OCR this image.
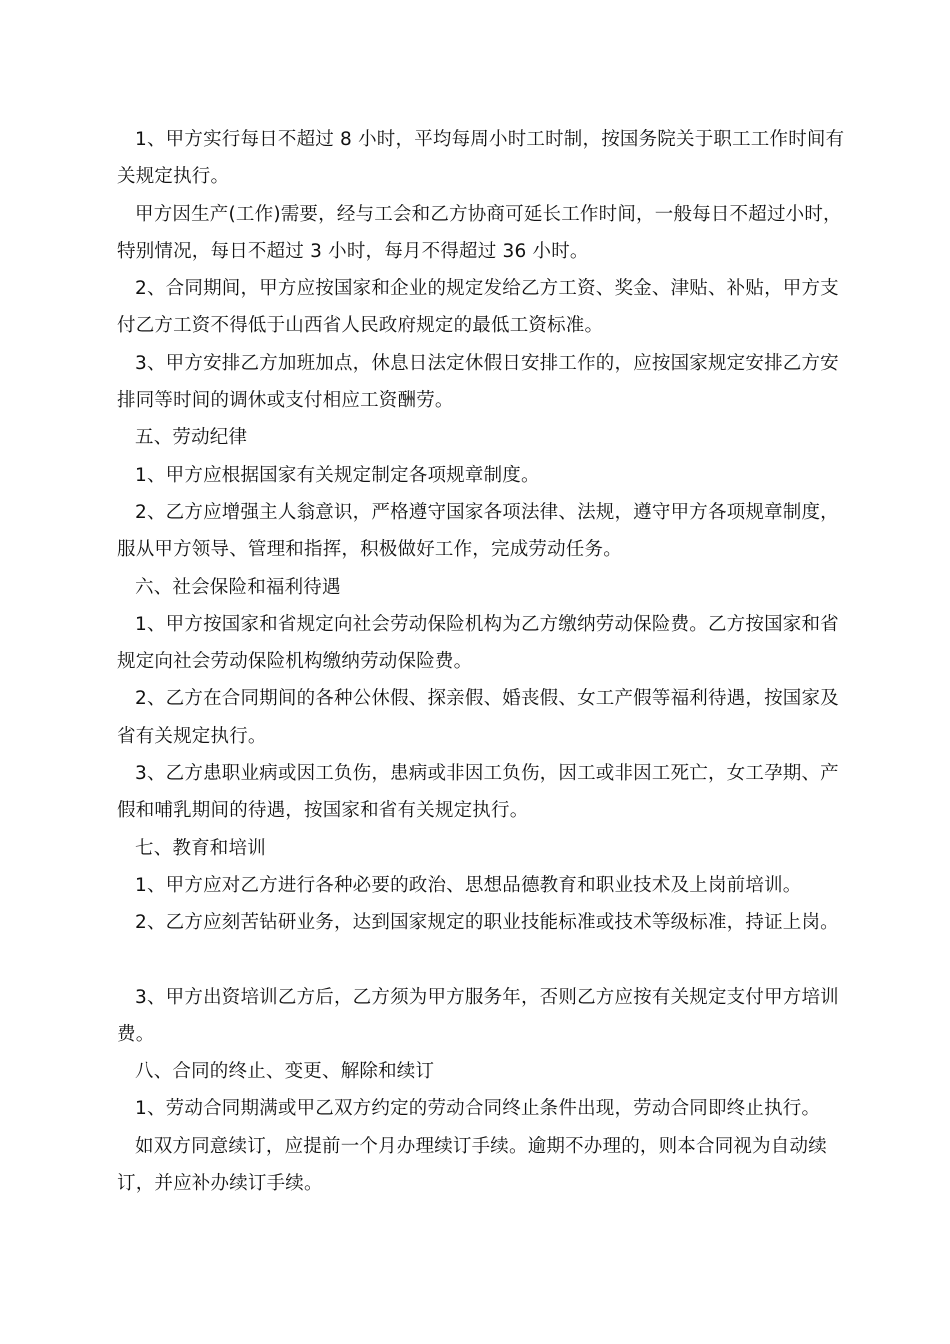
1、甲方实行每日不超过 8 小时，平均每周小时工时制，按国务院关于职工工作时间有关规定执行。

甲方因生产(工作)需要，经与工会和乙方协商可延长工作时间，一般每日不超过小时，特别情况，每日不超过 3 小时，每月不得超过 36 小时。

2、合同期间，甲方应按国家和企业的规定发给乙方工资、奖金、津贴、补贴，甲方支付乙方工资不得低于山西省人民政府规定的最低工资标准。

3、甲方安排乙方加班加点，休息日法定休假日安排工作的，应按国家规定安排乙方安排同等时间的调休或支付相应工资酬劳。

五、劳动纪律

1、甲方应根据国家有关规定制定各项规章制度。

2、乙方应增强主人翁意识，严格遵守国家各项法律、法规，遵守甲方各项规章制度，服从甲方领导、管理和指挥，积极做好工作，完成劳动任务。

六、社会保险和福利待遇

1、甲方按国家和省规定向社会劳动保险机构为乙方缴纳劳动保险费。乙方按国家和省规定向社会劳动保险机构缴纳劳动保险费。

2、乙方在合同期间的各种公休假、探亲假、婚丧假、女工产假等福利待遇，按国家及省有关规定执行。

3、乙方患职业病或因工负伤，患病或非因工负伤，因工或非因工死亡，女工孕期、产假和哺乳期间的待遇，按国家和省有关规定执行。

七、教育和培训

1、甲方应对乙方进行各种必要的政治、思想品德教育和职业技术及上岗前培训。

2、乙方应刻苦钻研业务，达到国家规定的职业技能标准或技术等级标准，持证上岗。

3、甲方出资培训乙方后，乙方须为甲方服务年，否则乙方应按有关规定支付甲方培训费。

八、合同的终止、变更、解除和续订

1、劳动合同期满或甲乙双方约定的劳动合同终止条件出现，劳动合同即终止执行。

如双方同意续订，应提前一个月办理续订手续。逾期不办理的，则本合同视为自动续订，并应补办续订手续。
